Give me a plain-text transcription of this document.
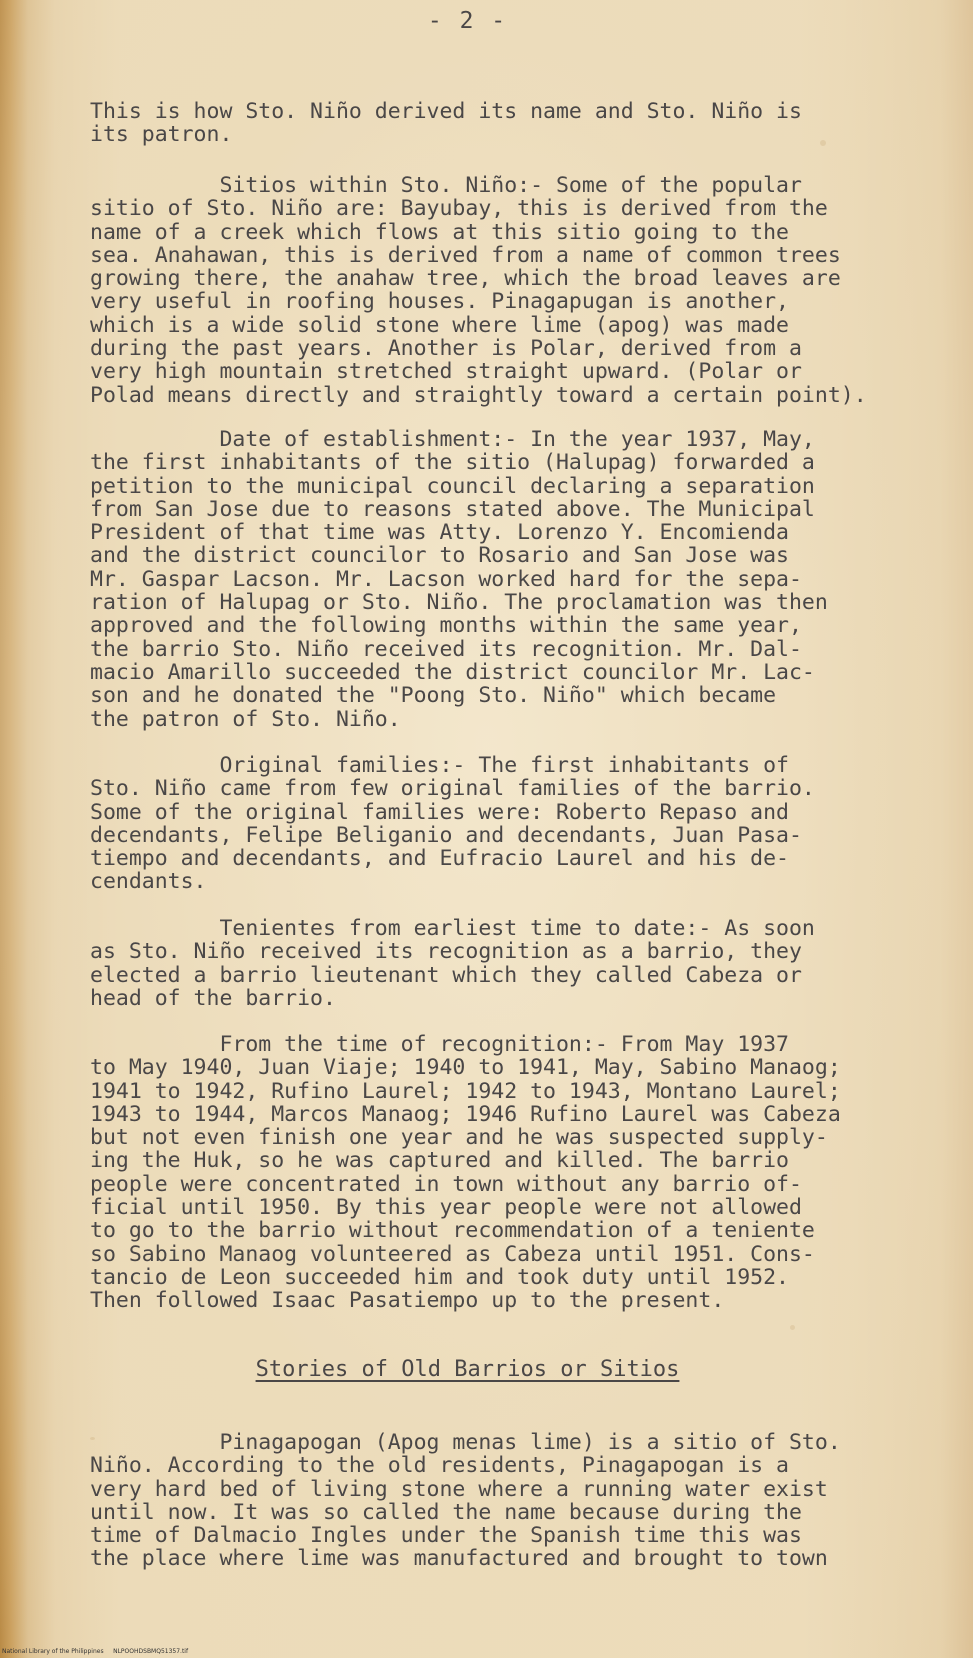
- 2 -
This is how Sto. Niño derived its name and Sto. Niño is
its patron.
Sitios within Sto. Niño:- Some of the popular
sitio of Sto. Niño are: Bayubay, this is derived from the
name of a creek which flows at this sitio going to the
sea. Anahawan, this is derived from a name of common trees
growing there, the anahaw tree, which the broad leaves are
very useful in roofing houses. Pinagapugan is another,
which is a wide solid stone where lime (apog) was made
during the past years. Another is Polar, derived from a
very high mountain stretched straight upward. (Polar or
Polad means directly and straightly toward a certain point).
Date of establishment:- In the year 1937, May,
the first inhabitants of the sitio (Halupag) forwarded a
petition to the municipal council declaring a separation
from San Jose due to reasons stated above. The Municipal
President of that time was Atty. Lorenzo Y. Encomienda
and the district councilor to Rosario and San Jose was
Mr. Gaspar Lacson. Mr. Lacson worked hard for the sepa-
ration of Halupag or Sto. Niño. The proclamation was then
approved and the following months within the same year,
the barrio Sto. Niño received its recognition. Mr. Dal-
macio Amarillo succeeded the district councilor Mr. Lac-
son and he donated the "Poong Sto. Niño" which became
the patron of Sto. Niño.
Original families:- The first inhabitants of
Sto. Niño came from few original families of the barrio.
Some of the original families were: Roberto Repaso and
decendants, Felipe Beliganio and decendants, Juan Pasa-
tiempo and decendants, and Eufracio Laurel and his de-
cendants.
Tenientes from earliest time to date:- As soon
as Sto. Niño received its recognition as a barrio, they
elected a barrio lieutenant which they called Cabeza or
head of the barrio.
From the time of recognition:- From May 1937
to May 1940, Juan Viaje; 1940 to 1941, May, Sabino Manaog;
1941 to 1942, Rufino Laurel; 1942 to 1943, Montano Laurel;
1943 to 1944, Marcos Manaog; 1946 Rufino Laurel was Cabeza
but not even finish one year and he was suspected supply-
ing the Huk, so he was captured and killed. The barrio
people were concentrated in town without any barrio of-
ficial until 1950. By this year people were not allowed
to go to the barrio without recommendation of a teniente
so Sabino Manaog volunteered as Cabeza until 1951. Cons-
tancio de Leon succeeded him and took duty until 1952.
Then followed Isaac Pasatiempo up to the present.
Stories of Old Barrios or Sitios
Pinagapogan (Apog menas lime) is a sitio of Sto.
Niño. According to the old residents, Pinagapogan is a
very hard bed of living stone where a running water exist
until now. It was so called the name because during the
time of Dalmacio Ingles under the Spanish time this was
the place where lime was manufactured and brought to town
National Library of the Philippines     NLPOOHDSBMQ51357.tif
